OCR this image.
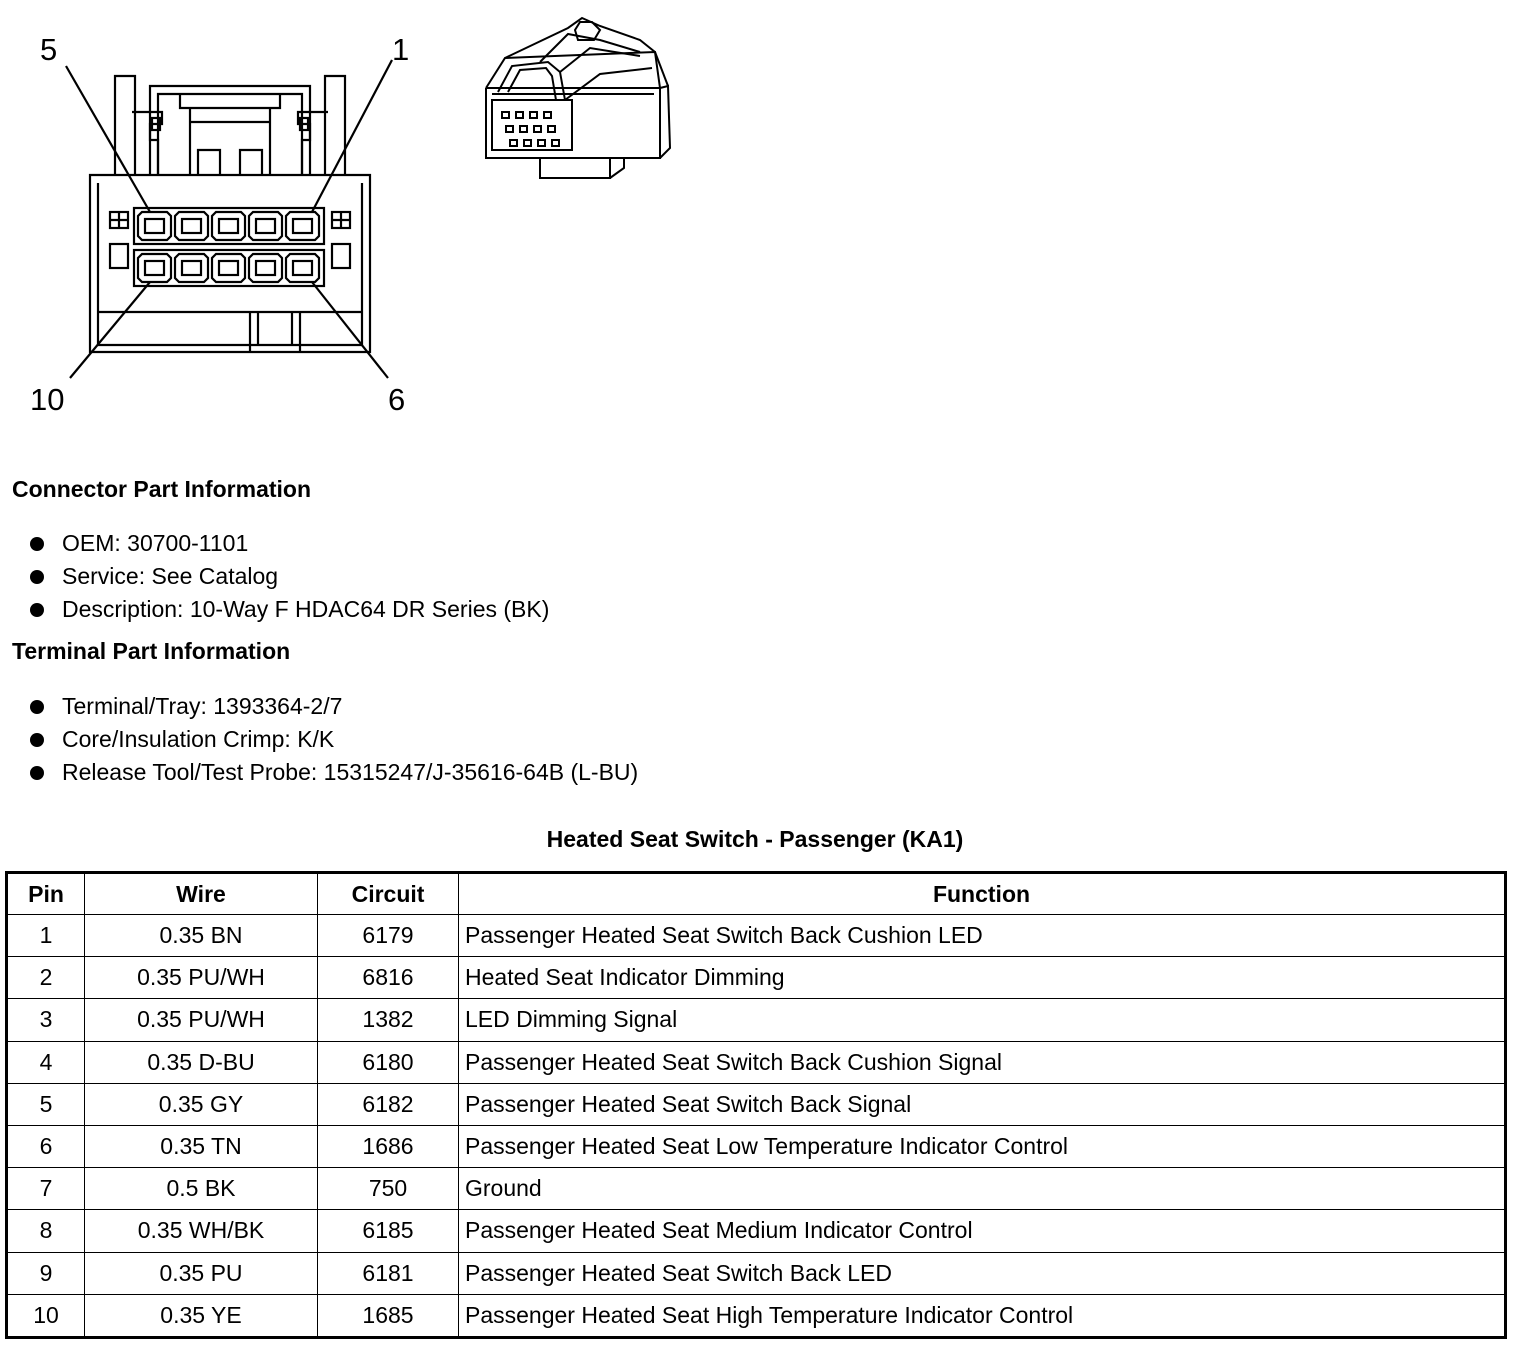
5	1
10	6
Connector Part Information
OEM: 30700-1101
Service: See Catalog
Description: 10-Way F HDAC64 DR Series (BK)
Terminal Part Information
Terminal/Tray: 1393364-2/7
Core/Insulation Crimp: K/K
Release Tool/Test Probe: 15315247/J-35616-64B (L-BU)
Heated Seat Switch - Passenger (KA1)
Pin	Wire	Circuit	Function
1	0.35 BN	6179	Passenger Heated Seat Switch Back Cushion LED
2	0.35 PU/WH	6816	Heated Seat Indicator Dimming
3	0.35 PU/WH	1382	LED Dimming Signal
4	0.35 D-BU	6180	Passenger Heated Seat Switch Back Cushion Signal
5	0.35 GY	6182	Passenger Heated Seat Switch Back Signal
6	0.35 TN	1686	Passenger Heated Seat Low Temperature Indicator Control
7	0.5 BK	750	Ground
8	0.35 WH/BK	6185	Passenger Heated Seat Medium Indicator Control
9	0.35 PU	6181	Passenger Heated Seat Switch Back LED
10	0.35 YE	1685	Passenger Heated Seat High Temperature Indicator Control
